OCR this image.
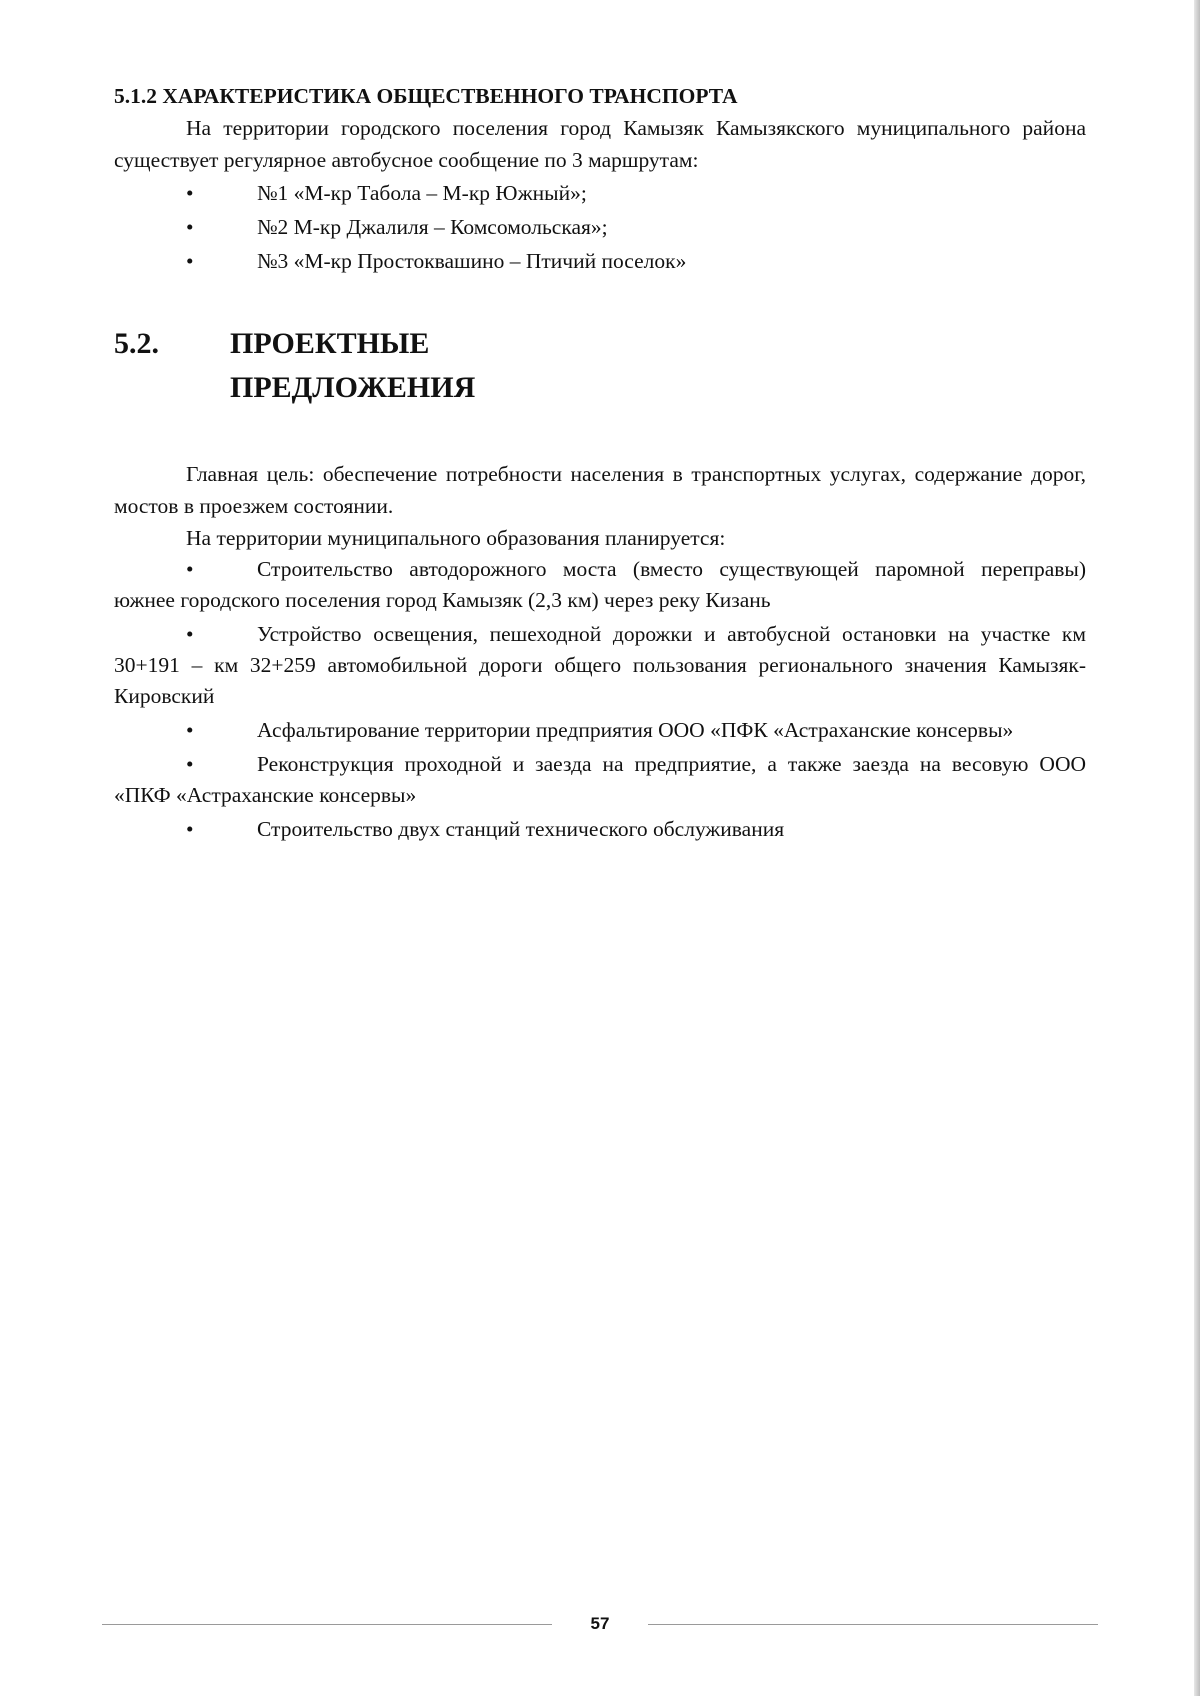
5.1.2 ХАРАКТЕРИСТИКА ОБЩЕСТВЕННОГО ТРАНСПОРТА

На территории городского поселения город Камызяк Камызякского муниципального района существует регулярное автобусное сообщение по 3 маршрутам:

•	№1 «М-кр Табола – М-кр Южный»;
•	№2 М-кр Джалиля – Комсомольская»;
•	№3 «М-кр Простоквашино – Птичий поселок»
5.2.	ПРОЕКТНЫЕ ПРЕДЛОЖЕНИЯ

Главная цель: обеспечение потребности населения в транспортных услугах, содержание дорог, мостов в проезжем состоянии.

На территории муниципального образования планируется:

•	Строительство автодорожного моста (вместо существующей паромной переправы) южнее городского поселения город Камызяк (2,3 км) через реку Кизань

•	Устройство освещения, пешеходной дорожки и автобусной остановки на участке км 30+191 – км 32+259 автомобильной дороги общего пользования регионального значения Камызяк-Кировский

•	Асфальтирование территории предприятия ООО «ПФК «Астраханские консервы»

•	Реконструкция проходной и заезда на предприятие, а также заезда на весовую ООО «ПКФ «Астраханские консервы»

•	Строительство двух станций технического обслуживания

57
